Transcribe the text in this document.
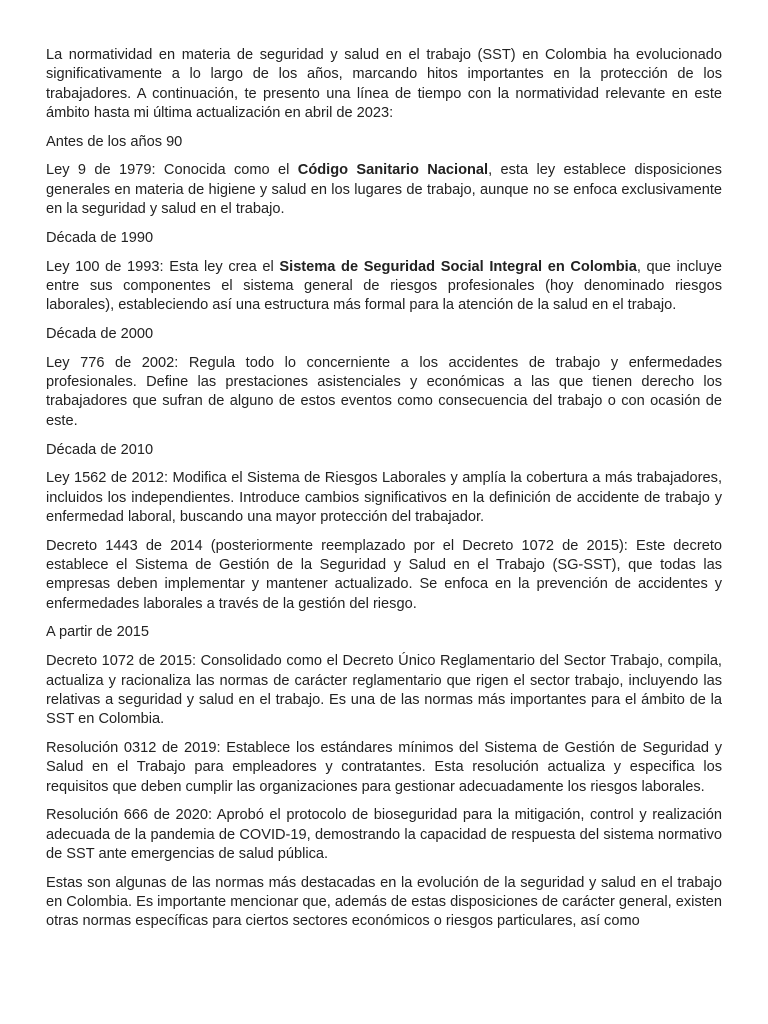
La normatividad en materia de seguridad y salud en el trabajo (SST) en Colombia ha evolucionado significativamente a lo largo de los años, marcando hitos importantes en la protección de los trabajadores. A continuación, te presento una línea de tiempo con la normatividad relevante en este ámbito hasta mi última actualización en abril de 2023:

Antes de los años 90

Ley 9 de 1979: Conocida como el Código Sanitario Nacional, esta ley establece disposiciones generales en materia de higiene y salud en los lugares de trabajo, aunque no se enfoca exclusivamente en la seguridad y salud en el trabajo.

Década de 1990

Ley 100 de 1993: Esta ley crea el Sistema de Seguridad Social Integral en Colombia, que incluye entre sus componentes el sistema general de riesgos profesionales (hoy denominado riesgos laborales), estableciendo así una estructura más formal para la atención de la salud en el trabajo.

Década de 2000

Ley 776 de 2002: Regula todo lo concerniente a los accidentes de trabajo y enfermedades profesionales. Define las prestaciones asistenciales y económicas a las que tienen derecho los trabajadores que sufran de alguno de estos eventos como consecuencia del trabajo o con ocasión de este.

Década de 2010

Ley 1562 de 2012: Modifica el Sistema de Riesgos Laborales y amplía la cobertura a más trabajadores, incluidos los independientes. Introduce cambios significativos en la definición de accidente de trabajo y enfermedad laboral, buscando una mayor protección del trabajador.

Decreto 1443 de 2014 (posteriormente reemplazado por el Decreto 1072 de 2015): Este decreto establece el Sistema de Gestión de la Seguridad y Salud en el Trabajo (SG-SST), que todas las empresas deben implementar y mantener actualizado. Se enfoca en la prevención de accidentes y enfermedades laborales a través de la gestión del riesgo.

A partir de 2015

Decreto 1072 de 2015: Consolidado como el Decreto Único Reglamentario del Sector Trabajo, compila, actualiza y racionaliza las normas de carácter reglamentario que rigen el sector trabajo, incluyendo las relativas a seguridad y salud en el trabajo. Es una de las normas más importantes para el ámbito de la SST en Colombia.

Resolución 0312 de 2019: Establece los estándares mínimos del Sistema de Gestión de Seguridad y Salud en el Trabajo para empleadores y contratantes. Esta resolución actualiza y especifica los requisitos que deben cumplir las organizaciones para gestionar adecuadamente los riesgos laborales.

Resolución 666 de 2020: Aprobó el protocolo de bioseguridad para la mitigación, control y realización adecuada de la pandemia de COVID-19, demostrando la capacidad de respuesta del sistema normativo de SST ante emergencias de salud pública.

Estas son algunas de las normas más destacadas en la evolución de la seguridad y salud en el trabajo en Colombia. Es importante mencionar que, además de estas disposiciones de carácter general, existen otras normas específicas para ciertos sectores económicos o riesgos particulares, así como
